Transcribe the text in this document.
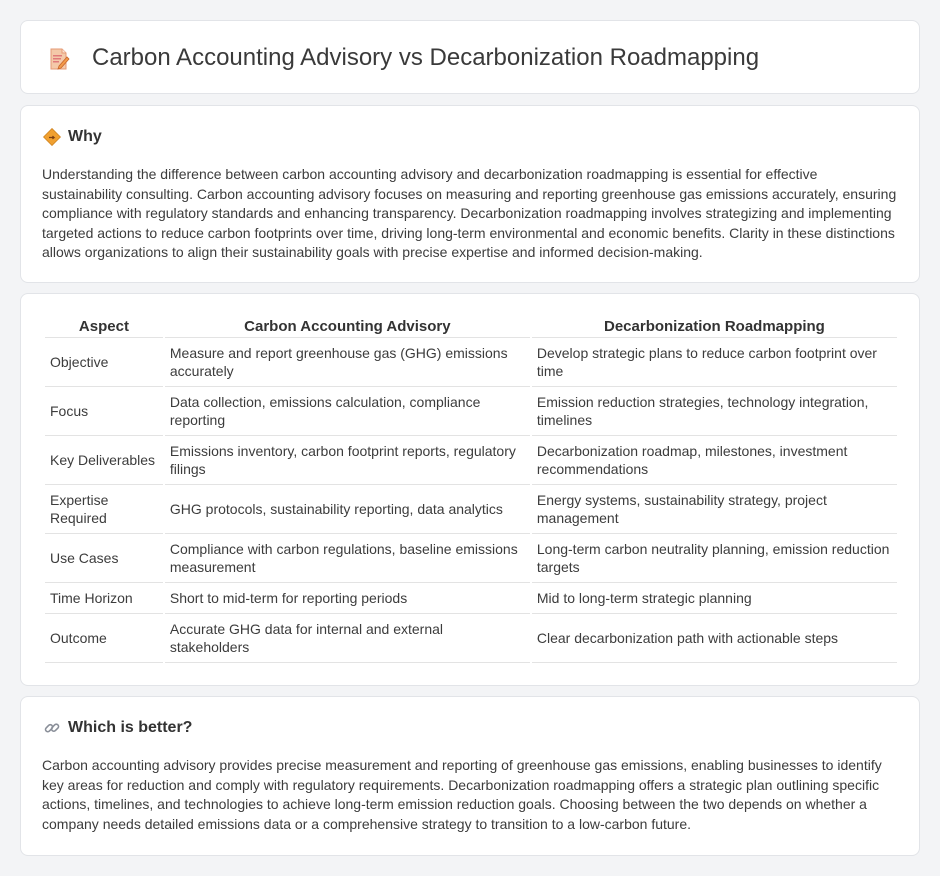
Carbon Accounting Advisory vs Decarbonization Roadmapping
Why

Understanding the difference between carbon accounting advisory and decarbonization roadmapping is essential for effective sustainability consulting. Carbon accounting advisory focuses on measuring and reporting greenhouse gas emissions accurately, ensuring compliance with regulatory standards and enhancing transparency. Decarbonization roadmapping involves strategizing and implementing targeted actions to reduce carbon footprints over time, driving long-term environmental and economic benefits. Clarity in these distinctions allows organizations to align their sustainability goals with precise expertise and informed decision-making.

Aspect	Carbon Accounting Advisory	Decarbonization Roadmapping
Objective	Measure and report greenhouse gas (GHG) emissions accurately	Develop strategic plans to reduce carbon footprint over time
Focus	Data collection, emissions calculation, compliance reporting	Emission reduction strategies, technology integration, timelines
Key Deliverables	Emissions inventory, carbon footprint reports, regulatory filings	Decarbonization roadmap, milestones, investment recommendations
Expertise Required	GHG protocols, sustainability reporting, data analytics	Energy systems, sustainability strategy, project management
Use Cases	Compliance with carbon regulations, baseline emissions measurement	Long-term carbon neutrality planning, emission reduction targets
Time Horizon	Short to mid-term for reporting periods	Mid to long-term strategic planning
Outcome	Accurate GHG data for internal and external stakeholders	Clear decarbonization path with actionable steps
Which is better?

Carbon accounting advisory provides precise measurement and reporting of greenhouse gas emissions, enabling businesses to identify key areas for reduction and comply with regulatory requirements. Decarbonization roadmapping offers a strategic plan outlining specific actions, timelines, and technologies to achieve long-term emission reduction goals. Choosing between the two depends on whether a company needs detailed emissions data or a comprehensive strategy to transition to a low-carbon future.
